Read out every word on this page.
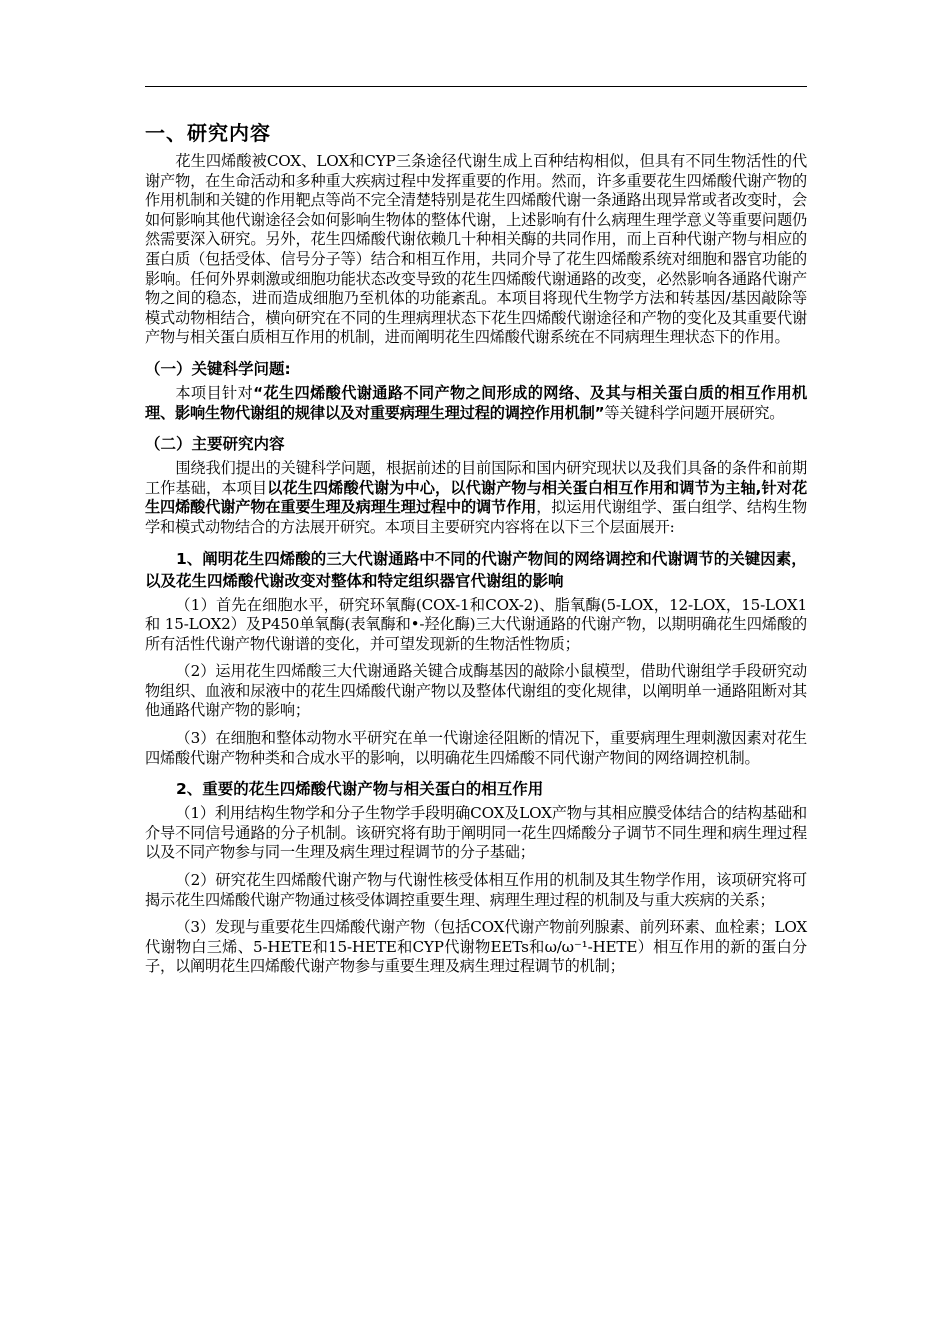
一、研究内容

花生四烯酸被COX、LOX和CYP三条途径代谢生成上百种结构相似，但具有不同生物活性的代谢产物，在生命活动和多种重大疾病过程中发挥重要的作用。然而，许多重要花生四烯酸代谢产物的作用机制和关键的作用靶点等尚不完全清楚特别是花生四烯酸代谢一条通路出现异常或者改变时，会如何影响其他代谢途径会如何影响生物体的整体代谢，上述影响有什么病理生理学意义等重要问题仍然需要深入研究。另外，花生四烯酸代谢依赖几十种相关酶的共同作用，而上百种代谢产物与相应的蛋白质（包括受体、信号分子等）结合和相互作用，共同介导了花生四烯酸系统对细胞和器官功能的影响。任何外界刺激或细胞功能状态改变导致的花生四烯酸代谢通路的改变，必然影响各通路代谢产物之间的稳态，进而造成细胞乃至机体的功能紊乱。本项目将现代生物学方法和转基因/基因敲除等模式动物相结合，横向研究在不同的生理病理状态下花生四烯酸代谢途径和产物的变化及其重要代谢产物与相关蛋白质相互作用的机制，进而阐明花生四烯酸代谢系统在不同病理生理状态下的作用。

（一）关键科学问题:

本项目针对“花生四烯酸代谢通路不同产物之间形成的网络、及其与相关蛋白质的相互作用机理、影响生物代谢组的规律以及对重要病理生理过程的调控作用机制”等关键科学问题开展研究。

（二）主要研究内容

围绕我们提出的关键科学问题，根据前述的目前国际和国内研究现状以及我们具备的条件和前期工作基础，本项目以花生四烯酸代谢为中心，以代谢产物与相关蛋白相互作用和调节为主轴,针对花生四烯酸代谢产物在重要生理及病理生理过程中的调节作用，拟运用代谢组学、蛋白组学、结构生物学和模式动物结合的方法展开研究。本项目主要研究内容将在以下三个层面展开:

1、阐明花生四烯酸的三大代谢通路中不同的代谢产物间的网络调控和代谢调节的关键因素，以及花生四烯酸代谢改变对整体和特定组织器官代谢组的影响

（1）首先在细胞水平，研究环氧酶(COX-1和COX-2)、脂氧酶(5-LOX，12-LOX，15-LOX1 和 15-LOX2）及P450单氧酶(表氧酶和•-羟化酶)三大代谢通路的代谢产物，以期明确花生四烯酸的所有活性代谢产物代谢谱的变化，并可望发现新的生物活性物质；

（2）运用花生四烯酸三大代谢通路关键合成酶基因的敲除小鼠模型，借助代谢组学手段研究动物组织、血液和尿液中的花生四烯酸代谢产物以及整体代谢组的变化规律，以阐明单一通路阻断对其他通路代谢产物的影响；

（3）在细胞和整体动物水平研究在单一代谢途径阻断的情况下，重要病理生理刺激因素对花生四烯酸代谢产物种类和合成水平的影响，以明确花生四烯酸不同代谢产物间的网络调控机制。

2、重要的花生四烯酸代谢产物与相关蛋白的相互作用

（1）利用结构生物学和分子生物学手段明确COX及LOX产物与其相应膜受体结合的结构基础和介导不同信号通路的分子机制。该研究将有助于阐明同一花生四烯酸分子调节不同生理和病生理过程以及不同产物参与同一生理及病生理过程调节的分子基础；

（2）研究花生四烯酸代谢产物与代谢性核受体相互作用的机制及其生物学作用，该项研究将可揭示花生四烯酸代谢产物通过核受体调控重要生理、病理生理过程的机制及与重大疾病的关系；

（3）发现与重要花生四烯酸代谢产物（包括COX代谢产物前列腺素、前列环素、血栓素；LOX代谢物白三烯、5-HETE和15-HETE和CYP代谢物EETs和ω/ω⁻¹-HETE）相互作用的新的蛋白分子，以阐明花生四烯酸代谢产物参与重要生理及病生理过程调节的机制；
